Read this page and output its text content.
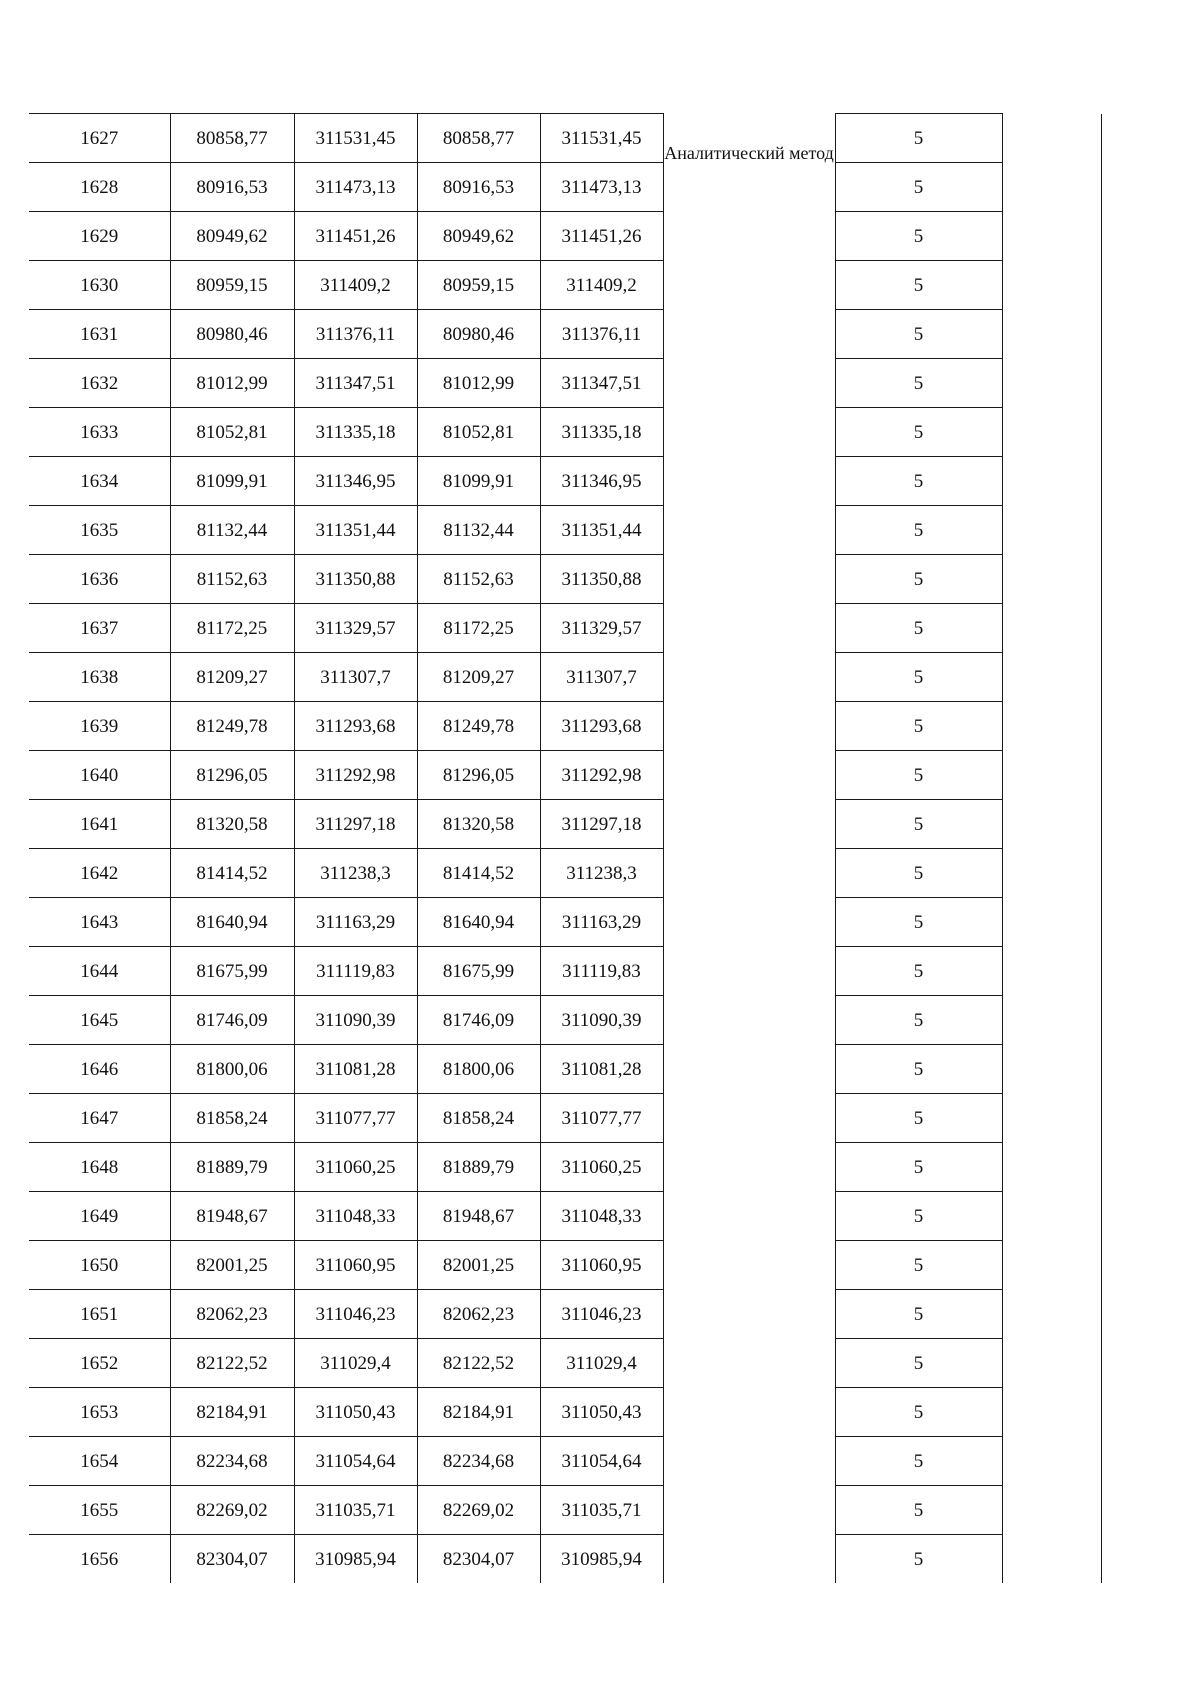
1627	80858,77	311531,45	80858,77	311531,45	Аналитический метод	5	
1628	80916,53	311473,13	80916,53	311473,13		5	
1629	80949,62	311451,26	80949,62	311451,26		5	
1630	80959,15	311409,2	80959,15	311409,2		5	
1631	80980,46	311376,11	80980,46	311376,11		5	
1632	81012,99	311347,51	81012,99	311347,51		5	
1633	81052,81	311335,18	81052,81	311335,18		5	
1634	81099,91	311346,95	81099,91	311346,95		5	
1635	81132,44	311351,44	81132,44	311351,44		5	
1636	81152,63	311350,88	81152,63	311350,88		5	
1637	81172,25	311329,57	81172,25	311329,57		5	
1638	81209,27	311307,7	81209,27	311307,7		5	
1639	81249,78	311293,68	81249,78	311293,68		5	
1640	81296,05	311292,98	81296,05	311292,98		5	
1641	81320,58	311297,18	81320,58	311297,18		5	
1642	81414,52	311238,3	81414,52	311238,3		5	
1643	81640,94	311163,29	81640,94	311163,29		5	
1644	81675,99	311119,83	81675,99	311119,83		5	
1645	81746,09	311090,39	81746,09	311090,39		5	
1646	81800,06	311081,28	81800,06	311081,28		5	
1647	81858,24	311077,77	81858,24	311077,77		5	
1648	81889,79	311060,25	81889,79	311060,25		5	
1649	81948,67	311048,33	81948,67	311048,33		5	
1650	82001,25	311060,95	82001,25	311060,95		5	
1651	82062,23	311046,23	82062,23	311046,23		5	
1652	82122,52	311029,4	82122,52	311029,4		5	
1653	82184,91	311050,43	82184,91	311050,43		5	
1654	82234,68	311054,64	82234,68	311054,64		5	
1655	82269,02	311035,71	82269,02	311035,71		5	
1656	82304,07	310985,94	82304,07	310985,94		5	
